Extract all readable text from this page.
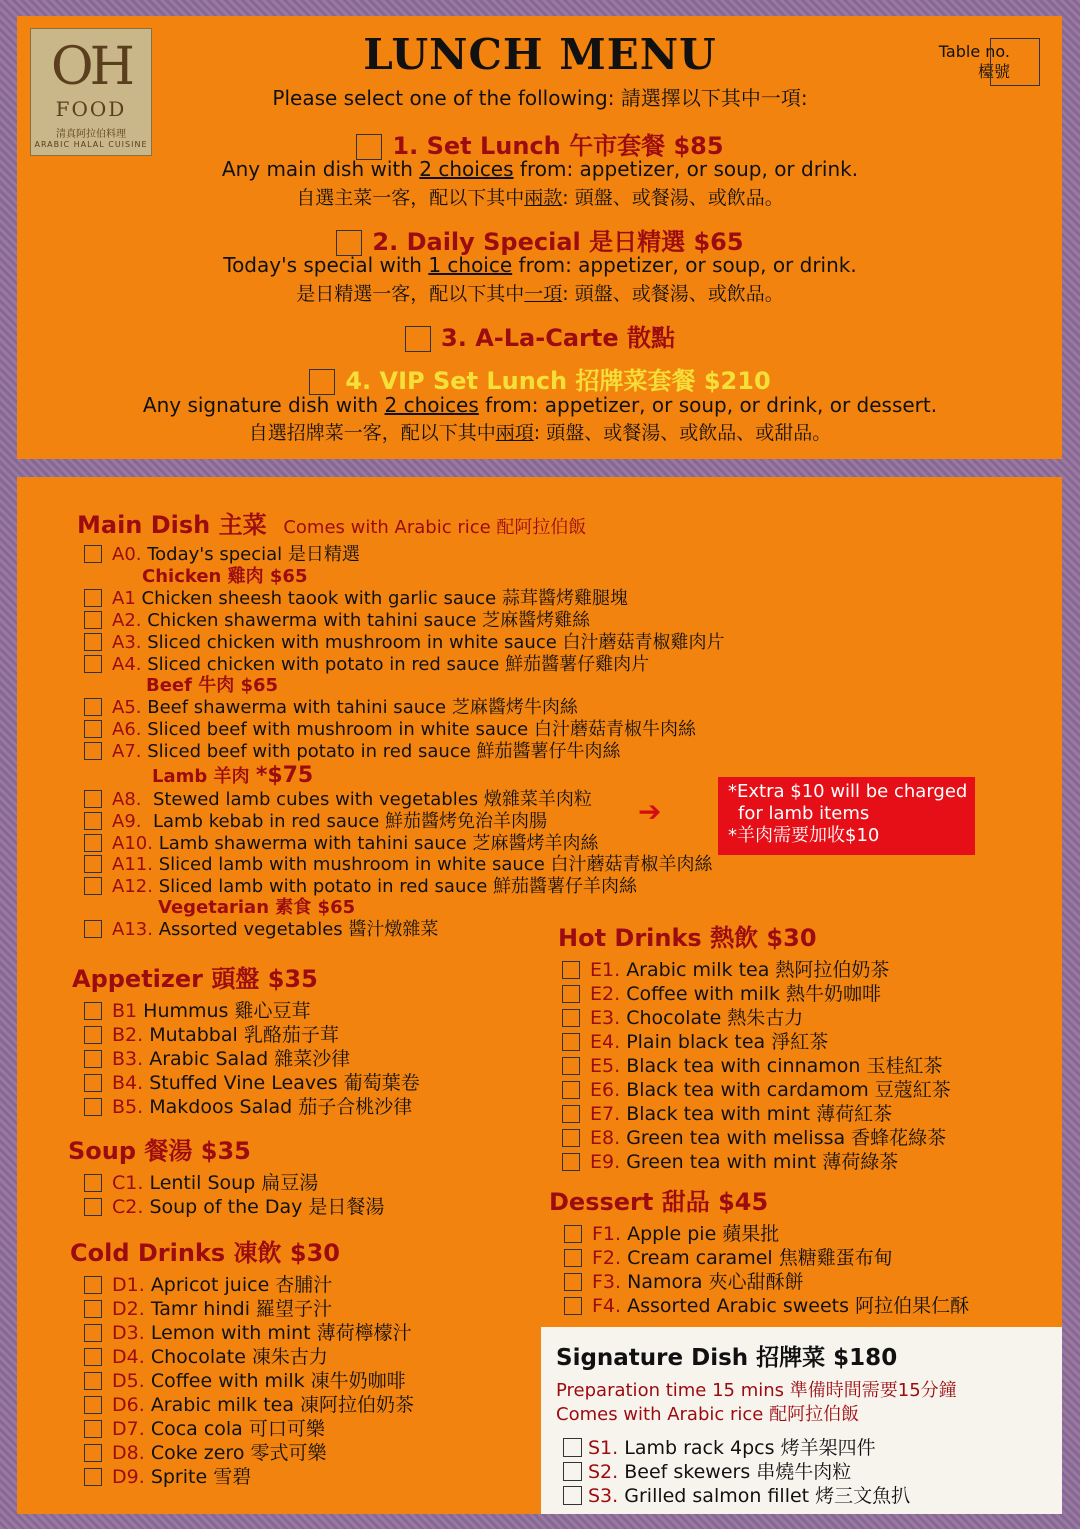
OH
FOOD
清真阿拉伯料理
ARABIC HALAL CUISINE
LUNCH MENU
Please select one of the following: 請選擇以下其中一項:
Table no.
檯號
1. Set Lunch 午市套餐 $85
Any main dish with 2 choices from: appetizer, or soup, or drink.
自選主菜一客，配以下其中兩款: 頭盤、或餐湯、或飲品。
2. Daily Special 是日精選 $65
Today's special with 1 choice from: appetizer, or soup, or drink.
是日精選一客，配以下其中一項: 頭盤、或餐湯、或飲品。
3. A-La-Carte 散點
4. VIP Set Lunch 招牌菜套餐 $210
Any signature dish with 2 choices from: appetizer, or soup, or drink, or dessert.
自選招牌菜一客，配以下其中兩項: 頭盤、或餐湯、或飲品、或甜品。
Main Dish 主菜 Comes with Arabic rice 配阿拉伯飯
A0. Today's special 是日精選
Chicken 雞肉 $65
A1 Chicken sheesh taook with garlic sauce 蒜茸醬烤雞腿塊
A2. Chicken shawerma with tahini sauce 芝麻醬烤雞絲
A3. Sliced chicken with mushroom in white sauce 白汁蘑菇青椒雞肉片
A4. Sliced chicken with potato in red sauce 鮮茄醬薯仔雞肉片
Beef 牛肉 $65
A5. Beef shawerma with tahini sauce 芝麻醬烤牛肉絲
A6. Sliced beef with mushroom in white sauce 白汁蘑菇青椒牛肉絲
A7. Sliced beef with potato in red sauce 鮮茄醬薯仔牛肉絲
Lamb 羊肉 *$75
A8. Stewed lamb cubes with vegetables 燉雜菜羊肉粒
A9. Lamb kebab in red sauce 鮮茄醬烤免治羊肉腸
A10. Lamb shawerma with tahini sauce 芝麻醬烤羊肉絲
A11. Sliced lamb with mushroom in white sauce 白汁蘑菇青椒羊肉絲
A12. Sliced lamb with potato in red sauce 鮮茄醬薯仔羊肉絲
Vegetarian 素食 $65
A13. Assorted vegetables 醬汁燉雜菜
➔
*Extra $10 will be charged
for lamb items
*羊肉需要加收$10
Appetizer 頭盤 $35
B1 Hummus 雞心豆茸
B2. Mutabbal 乳酪茄子茸
B3. Arabic Salad 雜菜沙律
B4. Stuffed Vine Leaves 葡萄葉卷
B5. Makdoos Salad 茄子合桃沙律
Soup 餐湯 $35
C1. Lentil Soup 扁豆湯
C2. Soup of the Day 是日餐湯
Cold Drinks 凍飲 $30
D1. Apricot juice 杏脯汁
D2. Tamr hindi 羅望子汁
D3. Lemon with mint 薄荷檸檬汁
D4. Chocolate 凍朱古力
D5. Coffee with milk 凍牛奶咖啡
D6. Arabic milk tea 凍阿拉伯奶茶
D7. Coca cola 可口可樂
D8. Coke zero 零式可樂
D9. Sprite 雪碧
Hot Drinks 熱飲 $30
E1. Arabic milk tea 熱阿拉伯奶茶
E2. Coffee with milk 熱牛奶咖啡
E3. Chocolate 熱朱古力
E4. Plain black tea 淨紅茶
E5. Black tea with cinnamon 玉桂紅茶
E6. Black tea with cardamom 豆蔻紅茶
E7. Black tea with mint 薄荷紅茶
E8. Green tea with melissa 香蜂花綠茶
E9. Green tea with mint 薄荷綠茶
Dessert 甜品 $45
F1. Apple pie 蘋果批
F2. Cream caramel 焦糖雞蛋布甸
F3. Namora 夾心甜酥餅
F4. Assorted Arabic sweets 阿拉伯果仁酥
Signature Dish 招牌菜 $180
Preparation time 15 mins 準備時間需要15分鐘
Comes with Arabic rice 配阿拉伯飯
S1. Lamb rack 4pcs 烤羊架四件
S2. Beef skewers 串燒牛肉粒
S3. Grilled salmon fillet 烤三文魚扒
